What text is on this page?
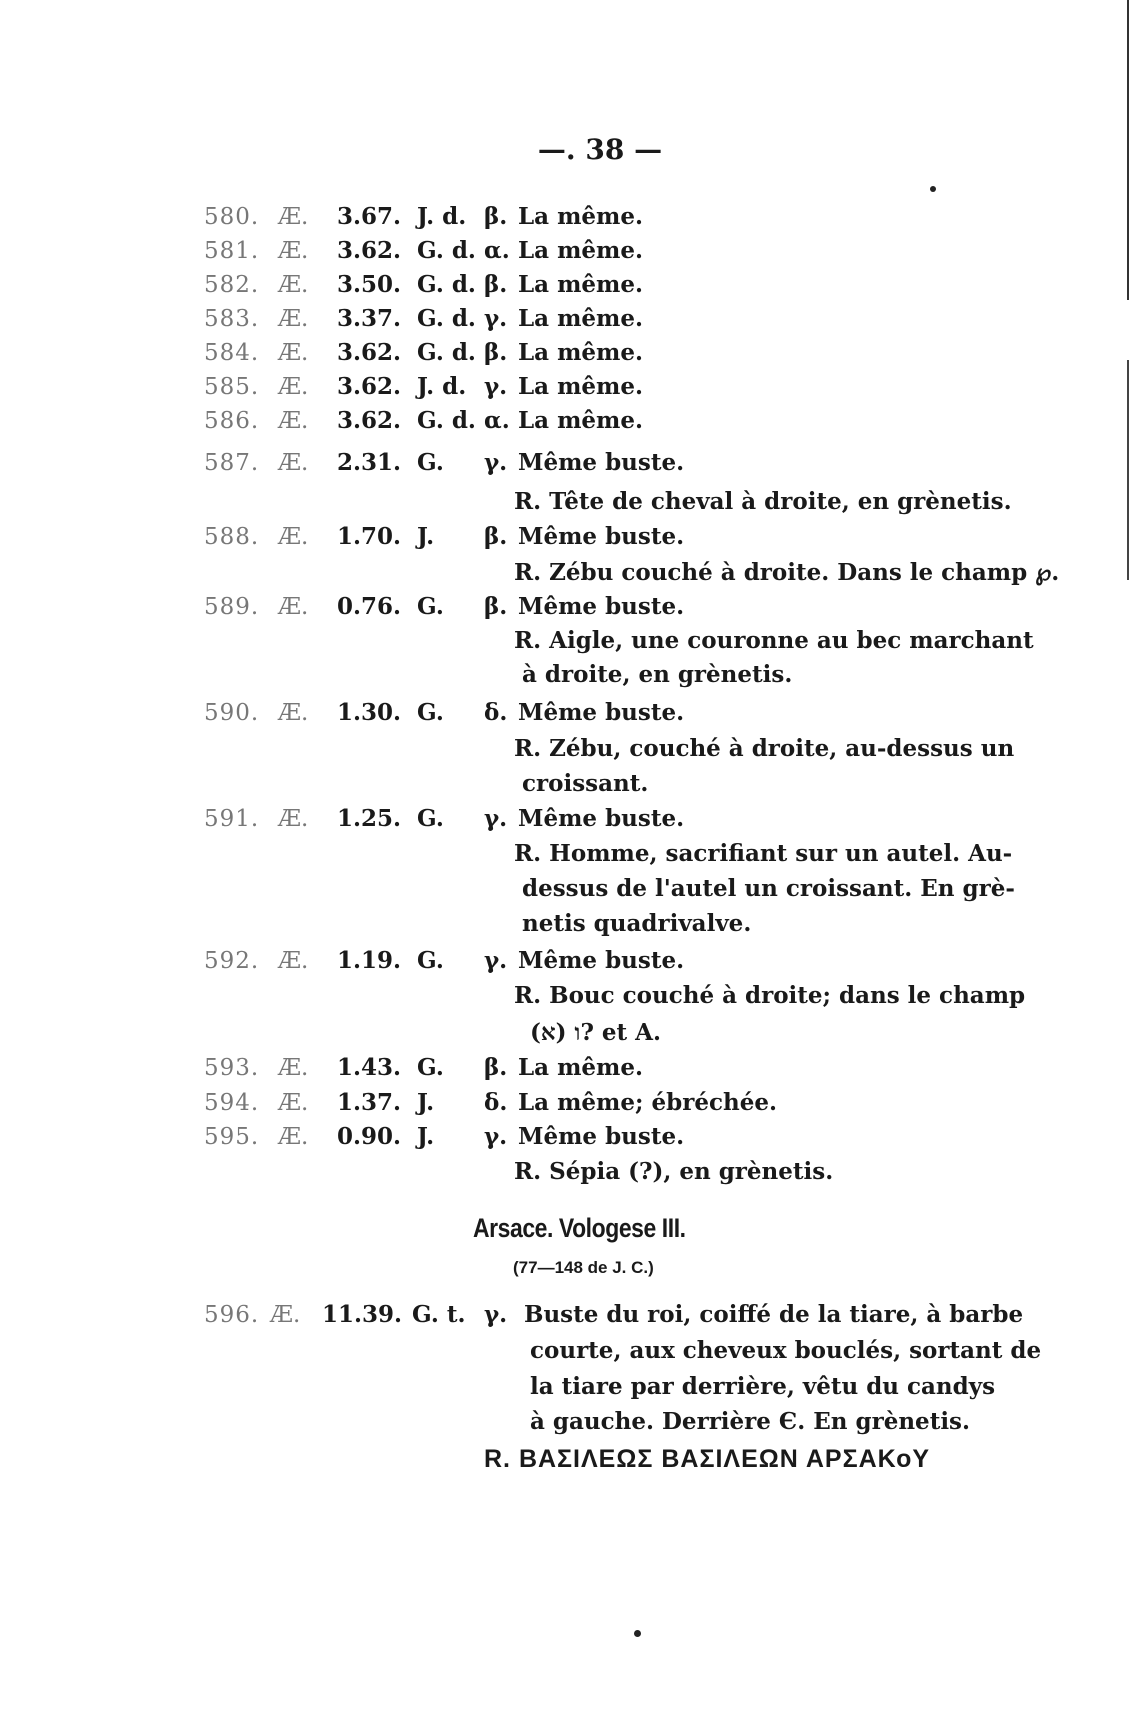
—. 38 —
580. Æ. 3.67. J. d. β. La même.
581. Æ. 3.62. G. d. α. La même.
582. Æ. 3.50. G. d. β. La même.
583. Æ. 3.37. G. d. γ. La même.
584. Æ. 3.62. G. d. β. La même.
585. Æ. 3.62. J. d. γ. La même.
586. Æ. 3.62. G. d. α. La même.
587. Æ. 2.31. G. γ. Même buste.
R. Tête de cheval à droite, en grènetis.
588. Æ. 1.70. J. β. Même buste.
R. Zébu couché à droite. Dans le champ ℘.
589. Æ. 0.76. G. β. Même buste.
R. Aigle, une couronne au bec marchant
à droite, en grènetis.
590. Æ. 1.30. G. δ. Même buste.
R. Zébu, couché à droite, au-dessus un
croissant.
591. Æ. 1.25. G. γ. Même buste.
R. Homme, sacrifiant sur un autel. Au-
dessus de l'autel un croissant. En grè-
netis quadrivalve.
592. Æ. 1.19. G. γ. Même buste.
R. Bouc couché à droite; dans le champ
ו (א)? et A.
593. Æ. 1.43. G. β. La même.
594. Æ. 1.37. J. δ. La même; ébréchée.
595. Æ. 0.90. J. γ. Même buste.
R. Sépia (?), en grènetis.
Arsace. Vologese III.
(77—148 de J. C.)
596. Æ. 11.39. G. t. γ. Buste du roi, coiffé de la tiare, à barbe
courte, aux cheveux bouclés, sortant de
la tiare par derrière, vêtu du candys
à gauche. Derrière Є. En grènetis.
R. ΒΑΣΙΛΕΩΣ ΒΑΣΙΛΕΩΝ ΑΡΣΑΚοΥ
